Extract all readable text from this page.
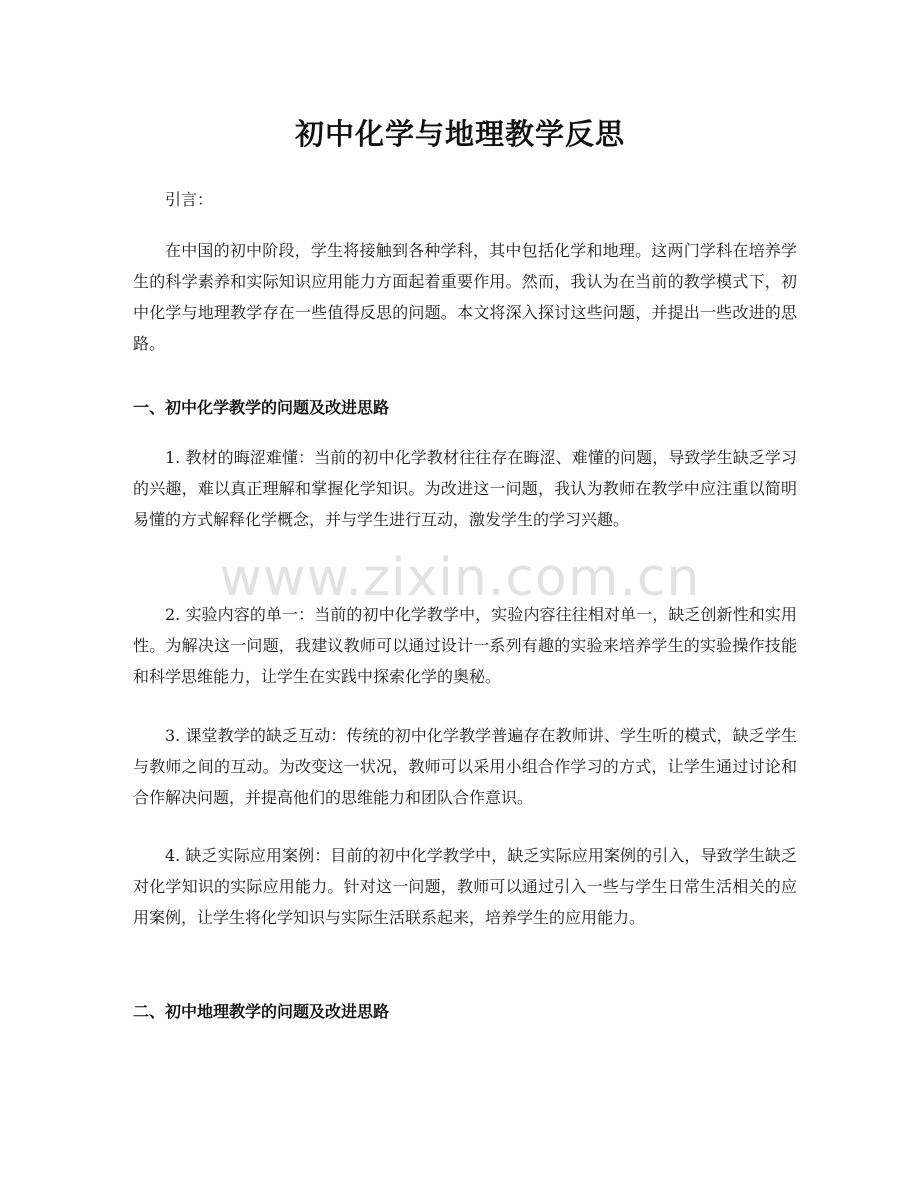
初中化学与地理教学反思

引言：

在中国的初中阶段，学生将接触到各种学科，其中包括化学和地理。这两门学科在培养学生的科学素养和实际知识应用能力方面起着重要作用。然而，我认为在当前的教学模式下，初中化学与地理教学存在一些值得反思的问题。本文将深入探讨这些问题，并提出一些改进的思路。

一、初中化学教学的问题及改进思路

1. 教材的晦涩难懂：当前的初中化学教材往往存在晦涩、难懂的问题，导致学生缺乏学习的兴趣，难以真正理解和掌握化学知识。为改进这一问题，我认为教师在教学中应注重以简明易懂的方式解释化学概念，并与学生进行互动，激发学生的学习兴趣。

2. 实验内容的单一：当前的初中化学教学中，实验内容往往相对单一，缺乏创新性和实用性。为解决这一问题，我建议教师可以通过设计一系列有趣的实验来培养学生的实验操作技能和科学思维能力，让学生在实践中探索化学的奥秘。

3. 课堂教学的缺乏互动：传统的初中化学教学普遍存在教师讲、学生听的模式，缺乏学生与教师之间的互动。为改变这一状况，教师可以采用小组合作学习的方式，让学生通过讨论和合作解决问题，并提高他们的思维能力和团队合作意识。

4. 缺乏实际应用案例：目前的初中化学教学中，缺乏实际应用案例的引入，导致学生缺乏对化学知识的实际应用能力。针对这一问题，教师可以通过引入一些与学生日常生活相关的应用案例，让学生将化学知识与实际生活联系起来，培养学生的应用能力。

二、初中地理教学的问题及改进思路

www.zixin.com.cn
